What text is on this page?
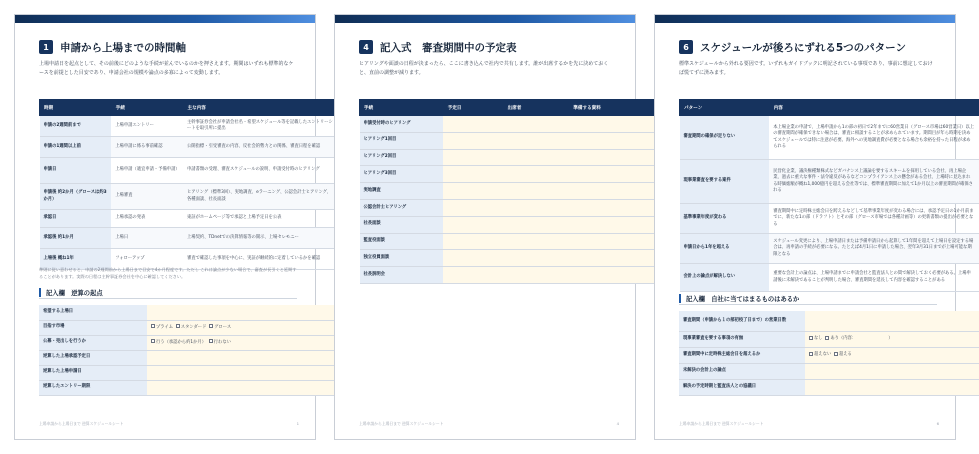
1	申請から上場までの時間軸
上場申請日を起点として、その前後にどのような手続が並んでいるのかを押さえます。期間はいずれも標準的なケースを前提とした目安であり、申請会社の規模や論点の多寡によって変動します。
時期	手続	主な内容
申請の2週間前まで	上場申請エントリー	主幹事証券会社が申請会社名・希望スケジュール等を記載したエントリーシートを取引所に提出
申請の1週間以上前	上場申請に係る事前確認	公開指標・引受審査の内容、反社会的勢力との関係、審査日程を確認
申請日	上場申請（適宜申請・予備申請）	申請書類の受理、審査スケジュールの説明、申請受付時のヒアリング
申請後 約2か月（グロースは約3か月）	上場審査	ヒアリング（標準3回）、実地調査、eラーニング、公認会計士ヒアリング、各種面談、社長面談
承認日	上場承認の発表	東証がホームページ等で承認と上場予定日を公表
承認後 約1か月	上場日	上場契約、TDnetでの決算情報等の開示、上場セレモニー
上場後 概ね1年	フォローアップ	審査で確認した事項を中心に、実証が継続的に定着しているかを確認
準則に従い意わせると、申請の2週間前から上場日まで目安で4か月程度です。ただし これは論点が少ない場合で、審査が長引くと延期することがあります。実際の日程は主幹事証券会社を中心に確認してください。
記入欄　逆算の起点
希望する上場日	
目指す市場	プライム スタンダード グロース
公募・売出しを行うか	行う（承認から約1か月） 行わない
逆算した上場承認予定日	
逆算した上場申請日	
逆算したエントリー期限	
上場申請から上場日まで 逆算スケジュールシート	1
4	記入式　審査期間中の予定表
ヒアリングや面談の日程が決まったら、ここに書き込んで社内で共有します。誰が出席するかを先に決めておくと、直前の調整が減ります。
手続	予定日	出席者	準備する資料
申請受付時のヒアリング			
ヒアリング1回目			
ヒアリング2回目			
ヒアリング3回目			
実地調査			
公認会計士ヒアリング			
社長面談			
監査役面談			
独立役員面談			
社長説明会			
上場申請から上場日まで 逆算スケジュールシート	4
6	スケジュールが後ろにずれる5つのパターン
標準スケジュールから外れる要因です。いずれもガイドブックに明記されている事項であり、事前に想定しておけば慌てずに済みます。
パターン	内容
審査期間の確保が足りない	本上場企業の申請で、上場申請から1の部の初日で2年までに60営業日（グロース市場は60営業日）以上の審査期間が確保できない場合は、審査に相談することが求められています。期間目が年ら時期を決めてスケジュールでは特に注意が必要。海外への実地調査費が必要となる場合も余裕を持った日程が求められる
現事業審査を要する案件	民営化企業、議決権種類株式などガバナンス上議論を要するスキームを採用している会社、再上場企業、過去に重大な事件・法令違反があるなどコンプライアンス上の懸念がある会社、上場時に見込まれる時価総額が概ね1,000億円を超える会社等では、標準審査期間に加えて1か月以上の審査期間が確保される
基準事業年度が変わる	審査期間中に定時株主総会日を跨えるなどして基準事業年度が変わる場合には、承認予定日の1か月前までに、新たな1の部（ドラフト）とその部（グロース市場では各種計画等）の更新書類の提出が必要となる
申請日から1年を超える	スケジュール変更により、上場申請日または予備申請日から起算して1年間を超えて上場日を設定する場合は、再申請の手続が必要になる。たとえば4月1日に申請した場合、翌年3月31日までが上場可能な期限となる
会計上の論点が解決しない	重要な会計上の論点は、上場申請までに申請会社と監査法人との間で解決しておく必要がある。上場申請後に未解決であることが判明した場合、審査期間を延長して内容を確認することがある
記入欄　自社に当てはまるものはあるか
審査期間（申請から１の部初校了日まで）の営業日数	
現事業審査を要する事項の有無	なし あり（内容：　　　　　　　　）
審査期間中に定時株主総会日を超えるか	超えない 超える
未解決の会計上の論点	
解決の予定時期と監査法人との協議日	
上場申請から上場日まで 逆算スケジュールシート	6
